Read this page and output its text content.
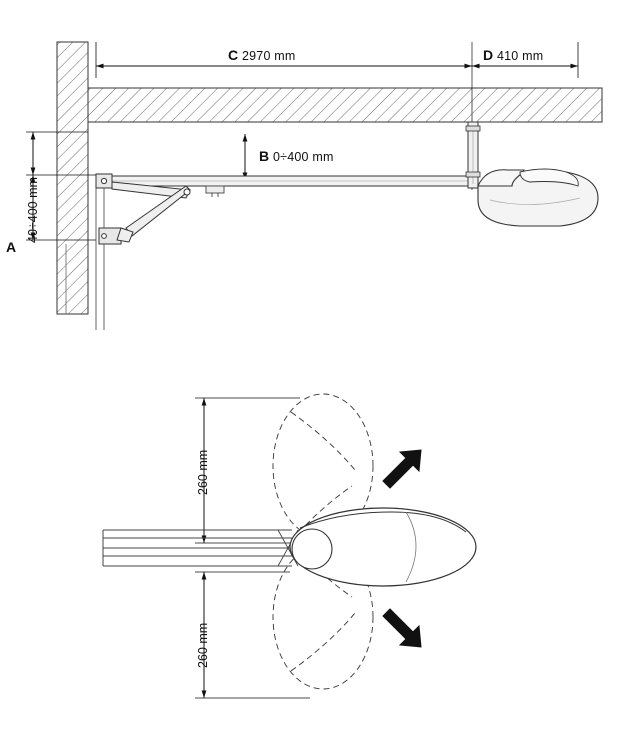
C 2970 mm	D 410 mm
B 0÷400 mm
A
40÷400 mm
260 mm
260 mm
